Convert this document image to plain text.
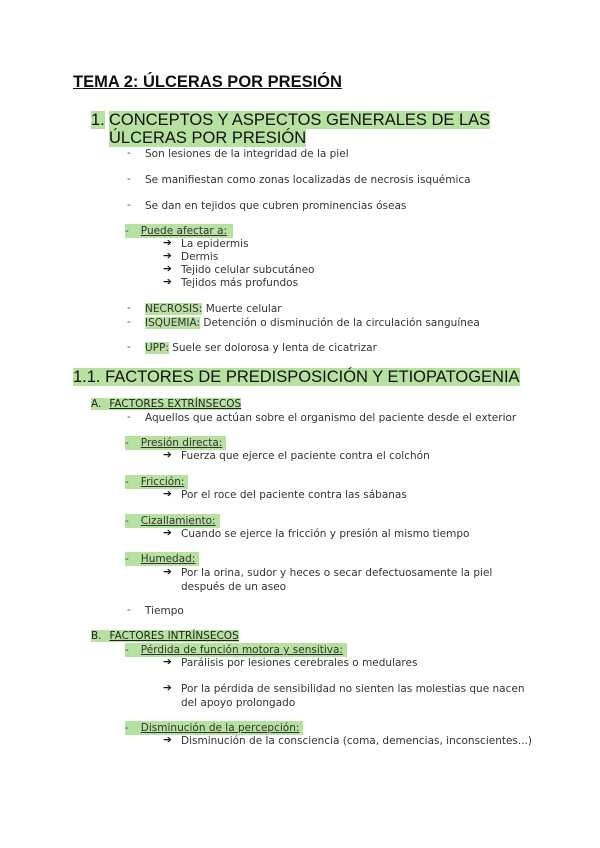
TEMA 2: ÚLCERAS POR PRESIÓN
1. CONCEPTOS Y ASPECTOS GENERALES DE LAS
ÚLCERAS POR PRESIÓN
- Son lesiones de la integridad de la piel
- Se manifiestan como zonas localizadas de necrosis isquémica
- Se dan en tejidos que cubren prominencias óseas
- Puede afectar a:
➔ La epidermis
➔ Dermis
➔ Tejido celular subcutáneo
➔ Tejidos más profundos
- NECROSIS: Muerte celular
- ISQUEMIA: Detención o disminución de la circulación sanguínea
- UPP: Suele ser dolorosa y lenta de cicatrizar
1.1. FACTORES DE PREDISPOSICIÓN Y ETIOPATOGENIA
A. FACTORES EXTRÍNSECOS
- Aquellos que actúan sobre el organismo del paciente desde el exterior
- Presión directa:
➔ Fuerza que ejerce el paciente contra el colchón
- Fricción:
➔ Por el roce del paciente contra las sábanas
- Cizallamiento:
➔ Cuando se ejerce la fricción y presión al mismo tiempo
- Humedad:
➔ Por la orina, sudor y heces o secar defectuosamente la piel
después de un aseo
- Tiempo
B. FACTORES INTRÍNSECOS
- Pérdida de función motora y sensitiva:
➔ Parálisis por lesiones cerebrales o medulares
➔ Por la pérdida de sensibilidad no sienten las molestias que nacen
del apoyo prolongado
- Disminución de la percepción:
➔ Disminución de la consciencia (coma, demencias, inconscientes...)
